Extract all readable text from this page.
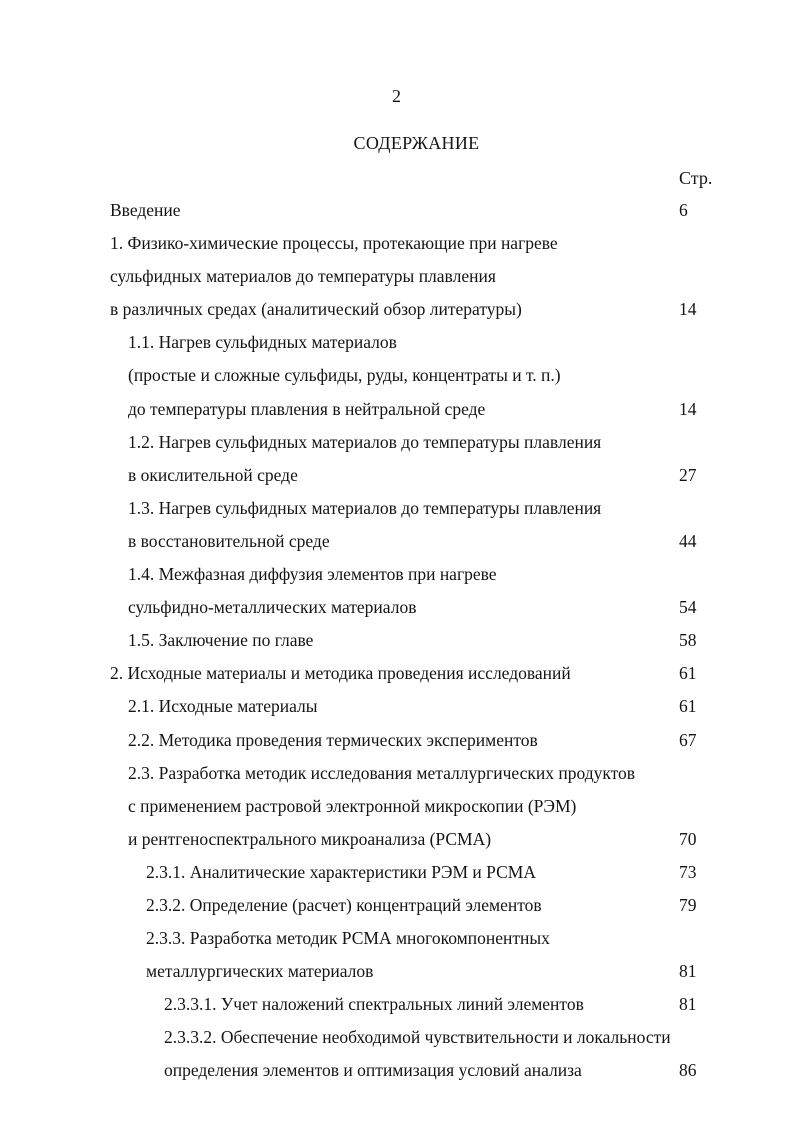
2
СОДЕРЖАНИЕ
Стр.
Введение	6
1. Физико-химические процессы, протекающие при нагреве
сульфидных материалов до температуры плавления
в различных средах (аналитический обзор литературы)	14
1.1. Нагрев сульфидных материалов
(простые и сложные сульфиды, руды, концентраты и т. п.)
до температуры плавления в нейтральной среде	14
1.2. Нагрев сульфидных материалов до температуры плавления
в окислительной среде	27
1.3. Нагрев сульфидных материалов до температуры плавления
в восстановительной среде	44
1.4. Межфазная диффузия элементов при нагреве
сульфидно-металлических материалов	54
1.5. Заключение по главе	58
2. Исходные материалы и методика проведения исследований	61
2.1. Исходные материалы	61
2.2. Методика проведения термических экспериментов	67
2.3. Разработка методик исследования металлургических продуктов
с применением растровой электронной микроскопии (РЭМ)
и рентгеноспектрального микроанализа (РСМА)	70
2.3.1. Аналитические характеристики РЭМ и РСМА	73
2.3.2. Определение (расчет) концентраций элементов	79
2.3.3. Разработка методик РСМА многокомпонентных
металлургических материалов	81
2.3.3.1. Учет наложений спектральных линий элементов	81
2.3.3.2. Обеспечение необходимой чувствительности и локальности
определения элементов и оптимизация условий анализа	86
